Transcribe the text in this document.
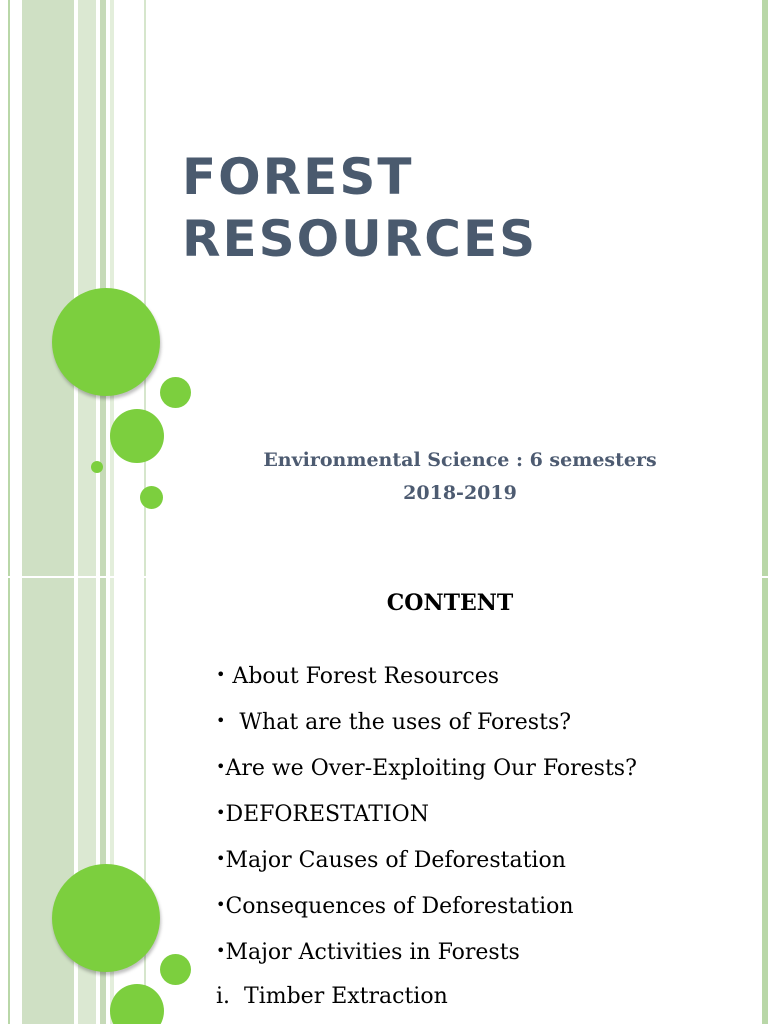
FOREST
RESOURCES

Environmental Science : 6 semesters

2018-2019

CONTENT
• About Forest Resources
•  What are the uses of Forests?
•Are we Over-Exploiting Our Forests?
•DEFORESTATION
•Major Causes of Deforestation
•Consequences of Deforestation
•Major Activities in Forests
i.  Timber Extraction
